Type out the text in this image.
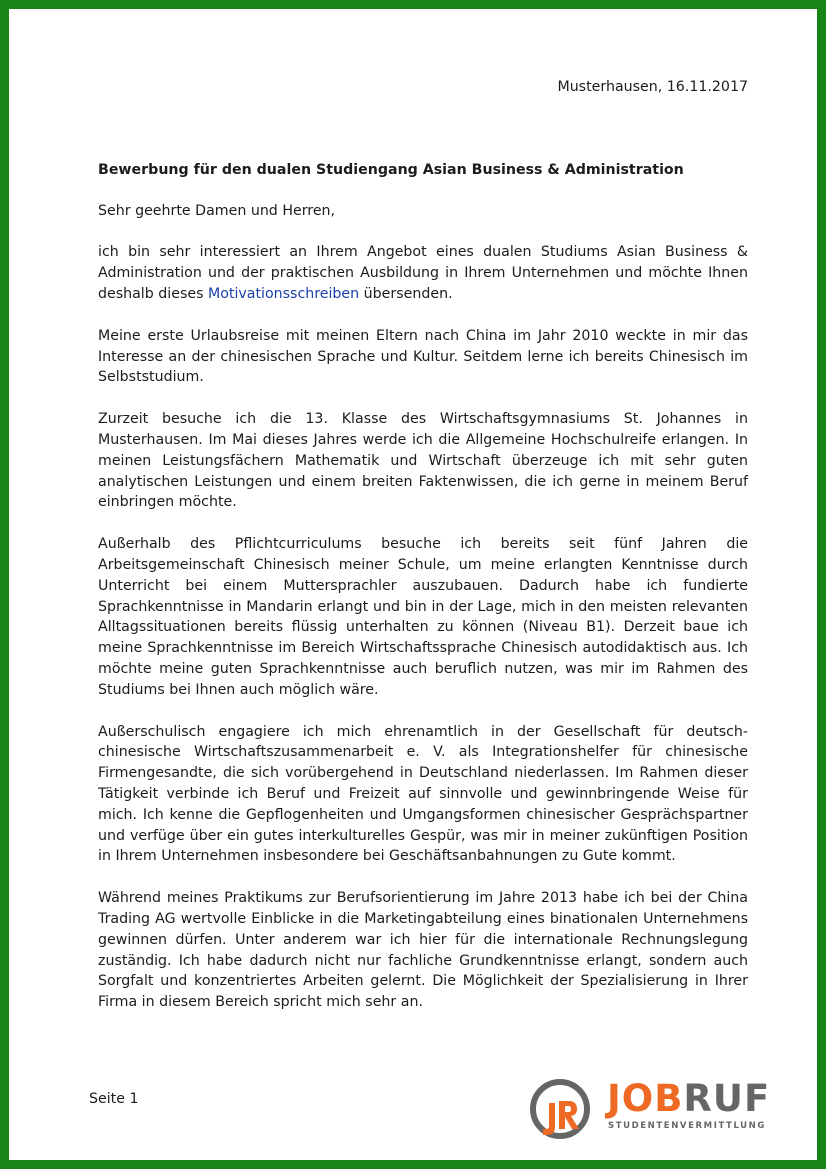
Musterhausen, 16.11.2017

Bewerbung für den dualen Studiengang Asian Business & Administration

Sehr geehrte Damen und Herren,

ich bin sehr interessiert an Ihrem Angebot eines dualen Studiums Asian Business & Administration und der praktischen Ausbildung in Ihrem Unternehmen und möchte Ihnen deshalb dieses Motivationsschreiben übersenden.

Meine erste Urlaubsreise mit meinen Eltern nach China im Jahr 2010 weckte in mir das Interesse an der chinesischen Sprache und Kultur. Seitdem lerne ich bereits Chinesisch im Selbststudium.

Zurzeit besuche ich die 13. Klasse des Wirtschaftsgymnasiums St. Johannes in Musterhausen. Im Mai dieses Jahres werde ich die Allgemeine Hochschulreife erlangen. In meinen Leistungsfächern Mathematik und Wirtschaft überzeuge ich mit sehr guten analytischen Leistungen und einem breiten Faktenwissen, die ich gerne in meinem Beruf einbringen möchte.

Außerhalb des Pflichtcurriculums besuche ich bereits seit fünf Jahren die Arbeitsgemeinschaft Chinesisch meiner Schule, um meine erlangten Kenntnisse durch Unterricht bei einem Muttersprachler auszubauen. Dadurch habe ich fundierte Sprachkenntnisse in Mandarin erlangt und bin in der Lage, mich in den meisten relevanten Alltagssituationen bereits flüssig unterhalten zu können (Niveau B1). Derzeit baue ich meine Sprachkenntnisse im Bereich Wirtschaftssprache Chinesisch autodidaktisch aus. Ich möchte meine guten Sprachkenntnisse auch beruflich nutzen, was mir im Rahmen des Studiums bei Ihnen auch möglich wäre.

Außerschulisch engagiere ich mich ehrenamtlich in der Gesellschaft für deutsch-chinesische Wirtschaftszusammenarbeit e. V. als Integrationshelfer für chinesische Firmengesandte, die sich vorübergehend in Deutschland niederlassen. Im Rahmen dieser Tätigkeit verbinde ich Beruf und Freizeit auf sinnvolle und gewinnbringende Weise für mich. Ich kenne die Gepflogenheiten und Umgangsformen chinesischer Gesprächspartner und verfüge über ein gutes interkulturelles Gespür, was mir in meiner zukünftigen Position in Ihrem Unternehmen insbesondere bei Geschäftsanbahnungen zu Gute kommt.

Während meines Praktikums zur Berufsorientierung im Jahre 2013 habe ich bei der China Trading AG wertvolle Einblicke in die Marketingabteilung eines binationalen Unternehmens gewinnen dürfen. Unter anderem war ich hier für die internationale Rechnungslegung zuständig. Ich habe dadurch nicht nur fachliche Grundkenntnisse erlangt, sondern auch Sorgfalt und konzentriertes Arbeiten gelernt. Die Möglichkeit der Spezialisierung in Ihrer Firma in diesem Bereich spricht mich sehr an.

Seite 1	JOBRUF
STUDENTENVERMITTLUNG
